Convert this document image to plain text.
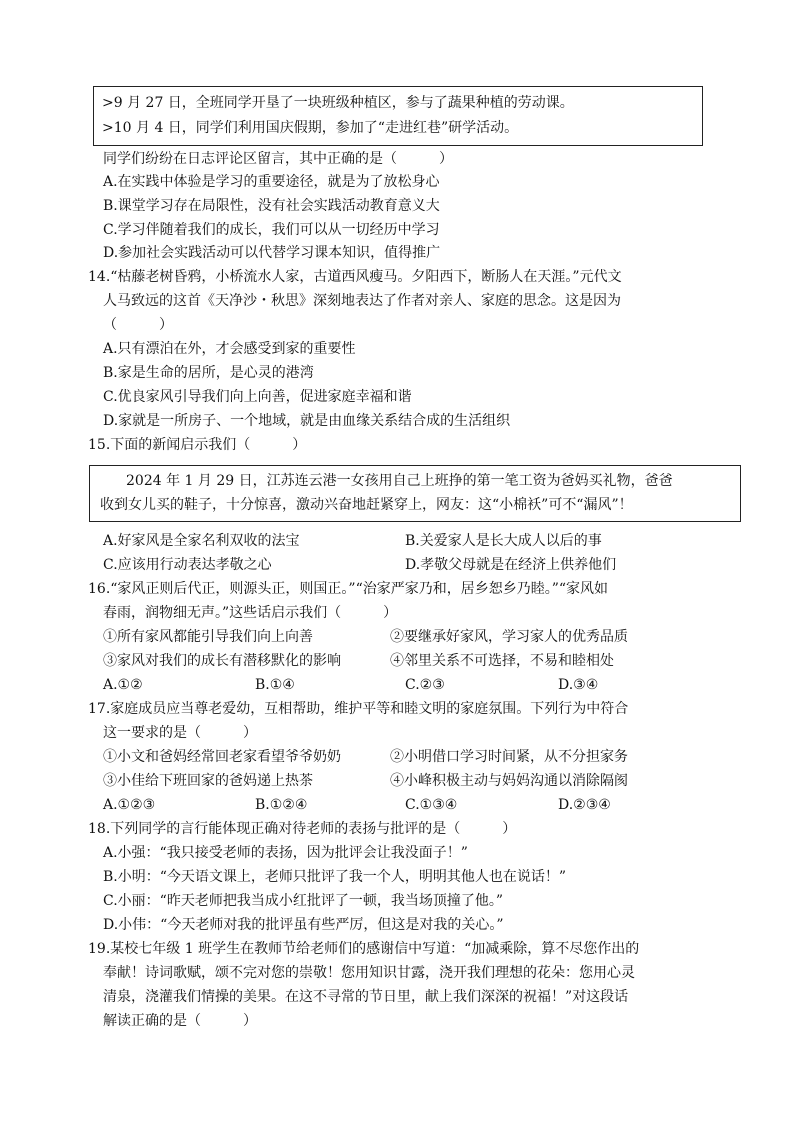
>9 月 27 日，全班同学开垦了一块班级种植区，参与了蔬果种植的劳动课。
>10 月 4 日，同学们利用国庆假期，参加了“走进红巷”研学活动。
同学们纷纷在日志评论区留言，其中正确的是（　　　）
A.在实践中体验是学习的重要途径，就是为了放松身心
B.课堂学习存在局限性，没有社会实践活动教育意义大
C.学习伴随着我们的成长，我们可以从一切经历中学习
D.参加社会实践活动可以代替学习课本知识，值得推广
14.“枯藤老树昏鸦，小桥流水人家，古道西风瘦马。夕阳西下，断肠人在天涯。”元代文
人马致远的这首《天净沙・秋思》深刻地表达了作者对亲人、家庭的思念。这是因为
（　　　）
A.只有漂泊在外，才会感受到家的重要性
B.家是生命的居所，是心灵的港湾
C.优良家风引导我们向上向善，促进家庭幸福和谐
D.家就是一所房子、一个地域，就是由血缘关系结合成的生活组织
15.下面的新闻启示我们（　　　）
2024 年 1 月 29 日，江苏连云港一女孩用自己上班挣的第一笔工资为爸妈买礼物，爸爸
收到女儿买的鞋子，十分惊喜，激动兴奋地赶紧穿上，网友：这“小棉袄”可不“漏风”！
A.好家风是全家名利双收的法宝	B.关爱家人是长大成人以后的事
C.应该用行动表达孝敬之心	D.孝敬父母就是在经济上供养他们
16.“家风正则后代正，则源头正，则国正。”“治家严家乃和，居乡恕乡乃睦。”“家风如
春雨，润物细无声。”这些话启示我们（　　　）
①所有家风都能引导我们向上向善	②要继承好家风，学习家人的优秀品质
③家风对我们的成长有潜移默化的影响	④邻里关系不可选择，不易和睦相处
A.①②	B.①④	C.②③	D.③④
17.家庭成员应当尊老爱幼，互相帮助，维护平等和睦文明的家庭氛围。下列行为中符合
这一要求的是（　　　）
①小文和爸妈经常回老家看望爷爷奶奶	②小明借口学习时间紧，从不分担家务
③小佳给下班回家的爸妈递上热茶	④小峰积极主动与妈妈沟通以消除隔阂
A.①②③	B.①②④	C.①③④	D.②③④
18.下列同学的言行能体现正确对待老师的表扬与批评的是（　　　）
A.小强：“我只接受老师的表扬，因为批评会让我没面子！”
B.小明：“今天语文课上，老师只批评了我一个人，明明其他人也在说话！”
C.小丽：“昨天老师把我当成小红批评了一顿，我当场顶撞了他。”
D.小伟：“今天老师对我的批评虽有些严厉，但这是对我的关心。”
19.某校七年级 1 班学生在教师节给老师们的感谢信中写道：“加减乘除，算不尽您作出的
奉献！诗词歌赋，颂不完对您的崇敬！您用知识甘露，浇开我们理想的花朵：您用心灵
清泉，浇灌我们情操的美果。在这不寻常的节日里，献上我们深深的祝福！”对这段话
解读正确的是（　　　）
